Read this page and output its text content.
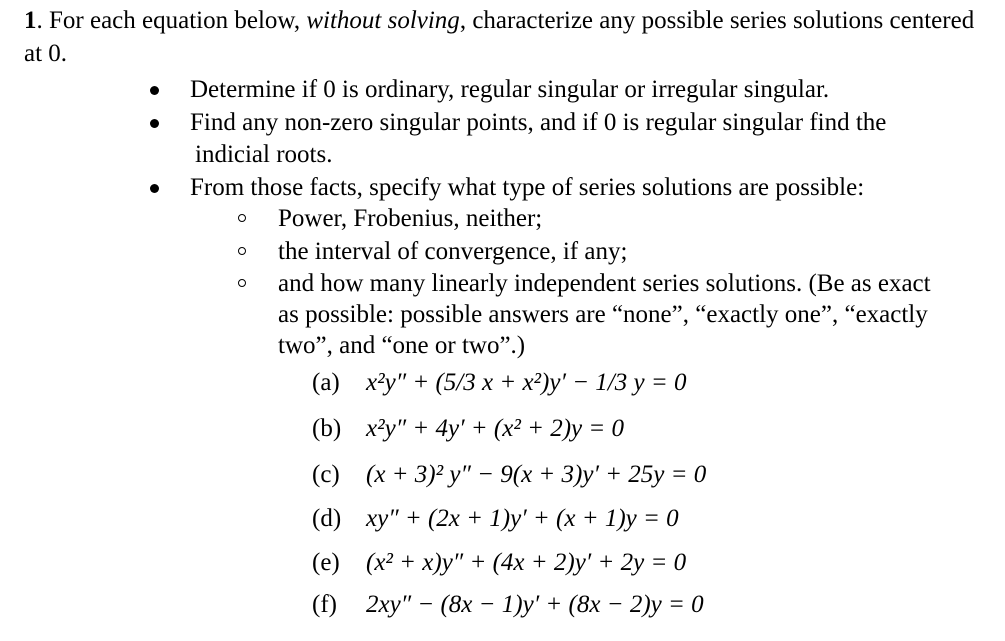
1. For each equation below, without solving, characterize any possible series solutions centered at 0.
Determine if 0 is ordinary, regular singular or irregular singular.
Find any non-zero singular points, and if 0 is regular singular find the
indicial roots.
From those facts, specify what type of series solutions are possible:
Power, Frobenius, neither;
the interval of convergence, if any;
and how many linearly independent series solutions. (Be as exact
as possible: possible answers are “none”, “exactly one”, “exactly
two”, and “one or two”.)
(a) x²y″ + (5/3 x + x²)y′ − 1/3 y = 0
(b) x²y″ + 4y′ + (x² + 2)y = 0
(c) (x + 3)² y″ − 9(x + 3)y′ + 25y = 0
(d) xy″ + (2x + 1)y′ + (x + 1)y = 0
(e) (x² + x)y″ + (4x + 2)y′ + 2y = 0
(f) 2xy″ − (8x − 1)y′ + (8x − 2)y = 0
